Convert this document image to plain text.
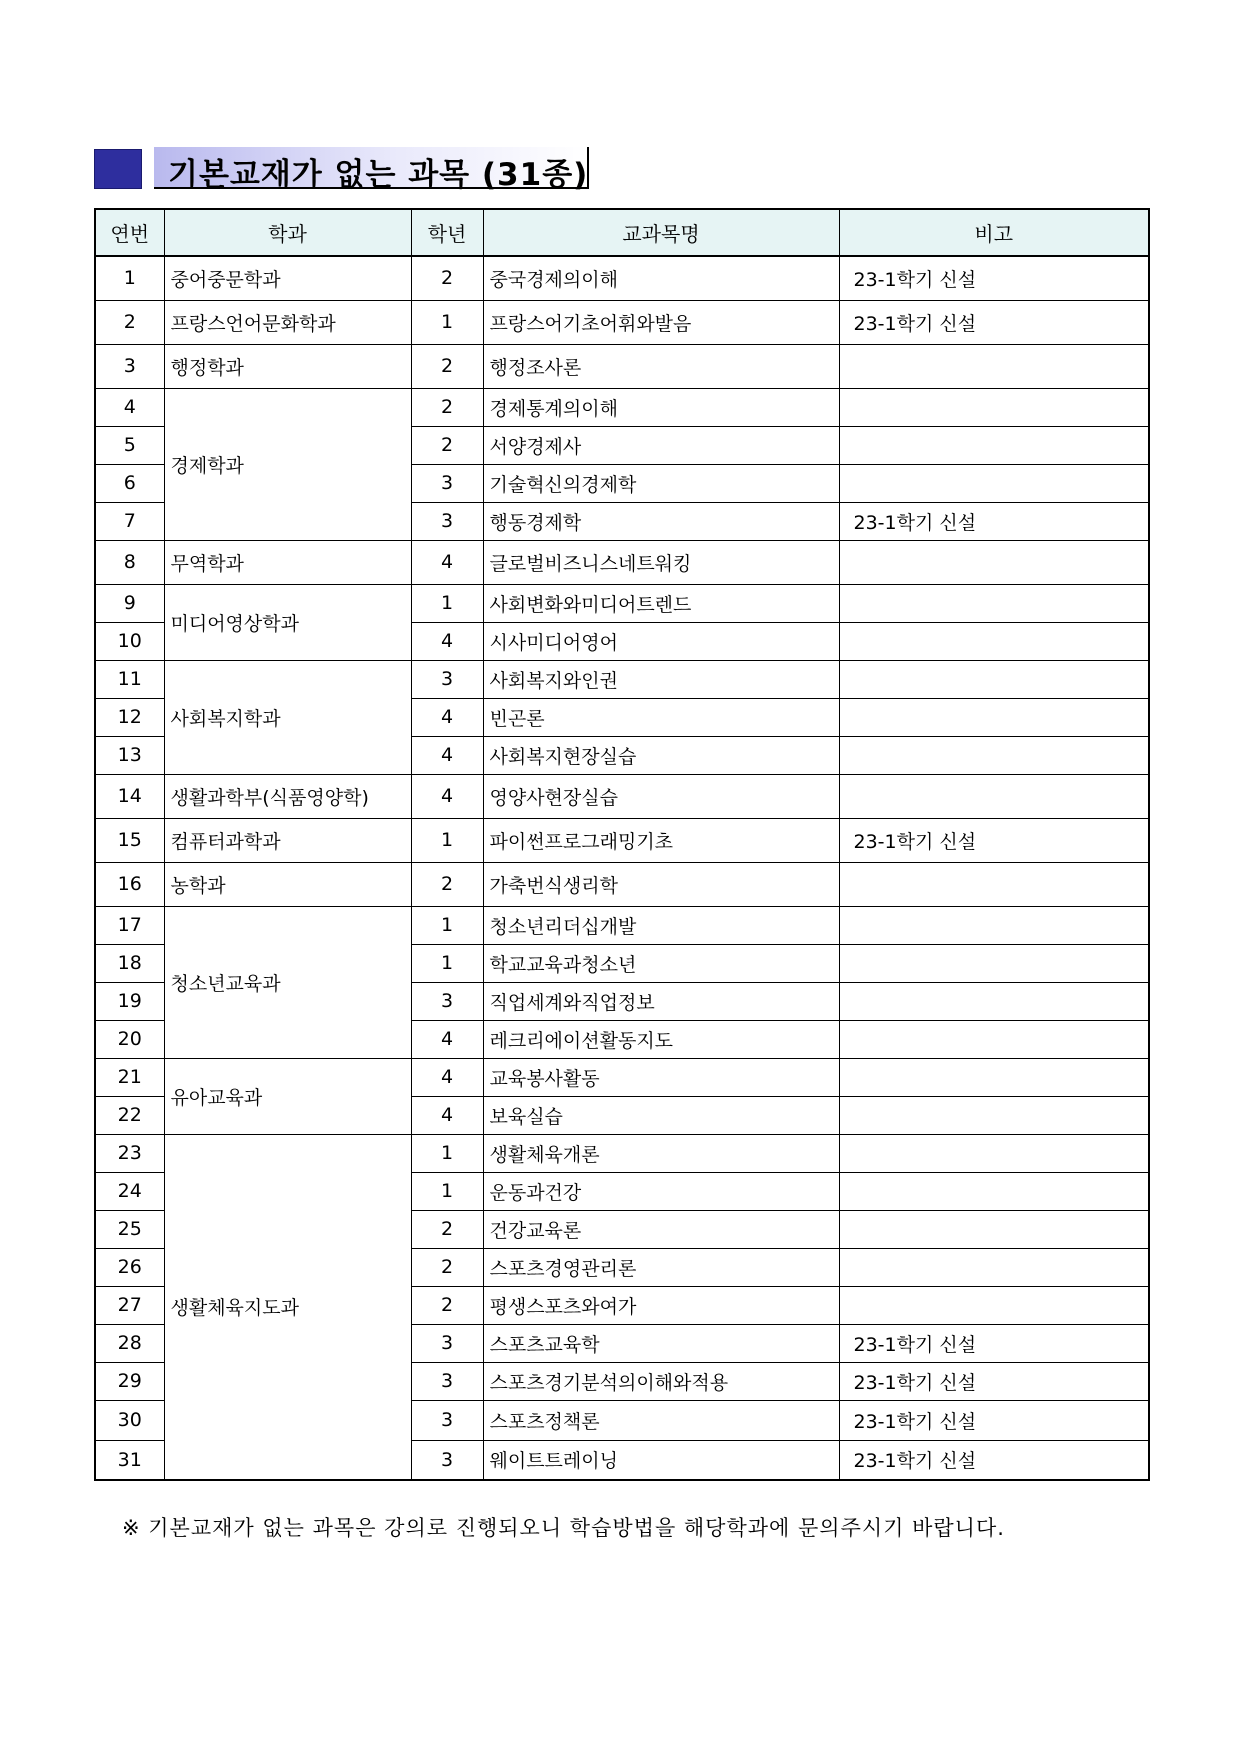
기본교재가 없는 과목 (31종)
연번	학과	학년	교과목명	비고
1	중어중문학과	2	중국경제의이해	23-1학기 신설
2	프랑스언어문화학과	1	프랑스어기초어휘와발음	23-1학기 신설
3	행정학과	2	행정조사론	
4	경제학과	2	경제통계의이해	
5		2	서양경제사	
6		3	기술혁신의경제학	
7		3	행동경제학	23-1학기 신설
8	무역학과	4	글로벌비즈니스네트워킹	
9	미디어영상학과	1	사회변화와미디어트렌드	
10		4	시사미디어영어	
11	사회복지학과	3	사회복지와인권	
12		4	빈곤론	
13		4	사회복지현장실습	
14	생활과학부(식품영양학)	4	영양사현장실습	
15	컴퓨터과학과	1	파이썬프로그래밍기초	23-1학기 신설
16	농학과	2	가축번식생리학	
17	청소년교육과	1	청소년리더십개발	
18		1	학교교육과청소년	
19		3	직업세계와직업정보	
20		4	레크리에이션활동지도	
21	유아교육과	4	교육봉사활동	
22		4	보육실습	
23	생활체육지도과	1	생활체육개론	
24		1	운동과건강	
25		2	건강교육론	
26		2	스포츠경영관리론	
27		2	평생스포츠와여가	
28		3	스포츠교육학	23-1학기 신설
29		3	스포츠경기분석의이해와적용	23-1학기 신설
30		3	스포츠정책론	23-1학기 신설
31		3	웨이트트레이닝	23-1학기 신설
※ 기본교재가 없는 과목은 강의로 진행되오니 학습방법을 해당학과에 문의주시기 바랍니다.
